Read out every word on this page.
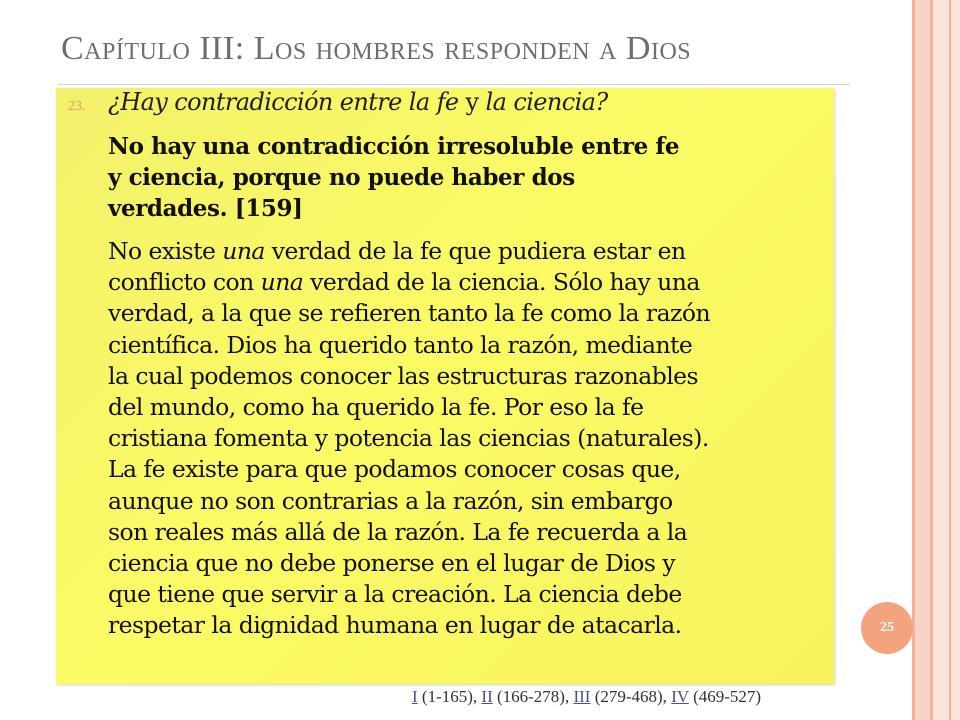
Capítulo III: Los hombres responden a Dios
23. ¿Hay contradicción entre la fe y la ciencia?
No hay una contradicción irresoluble entre fe
y ciencia, porque no puede haber dos
verdades. [159]
No existe una verdad de la fe que pudiera estar en
conflicto con una verdad de la ciencia. Sólo hay una
verdad, a la que se refieren tanto la fe como la razón
científica. Dios ha querido tanto la razón, mediante
la cual podemos conocer las estructuras razonables
del mundo, como ha querido la fe. Por eso la fe
cristiana fomenta y potencia las ciencias (naturales).
La fe existe para que podamos conocer cosas que,
aunque no son contrarias a la razón, sin embargo
son reales más allá de la razón. La fe recuerda a la
ciencia que no debe ponerse en el lugar de Dios y
que tiene que servir a la creación. La ciencia debe
respetar la dignidad humana en lugar de atacarla.	25
I (1-165), II (166-278), III (279-468), IV (469-527)
